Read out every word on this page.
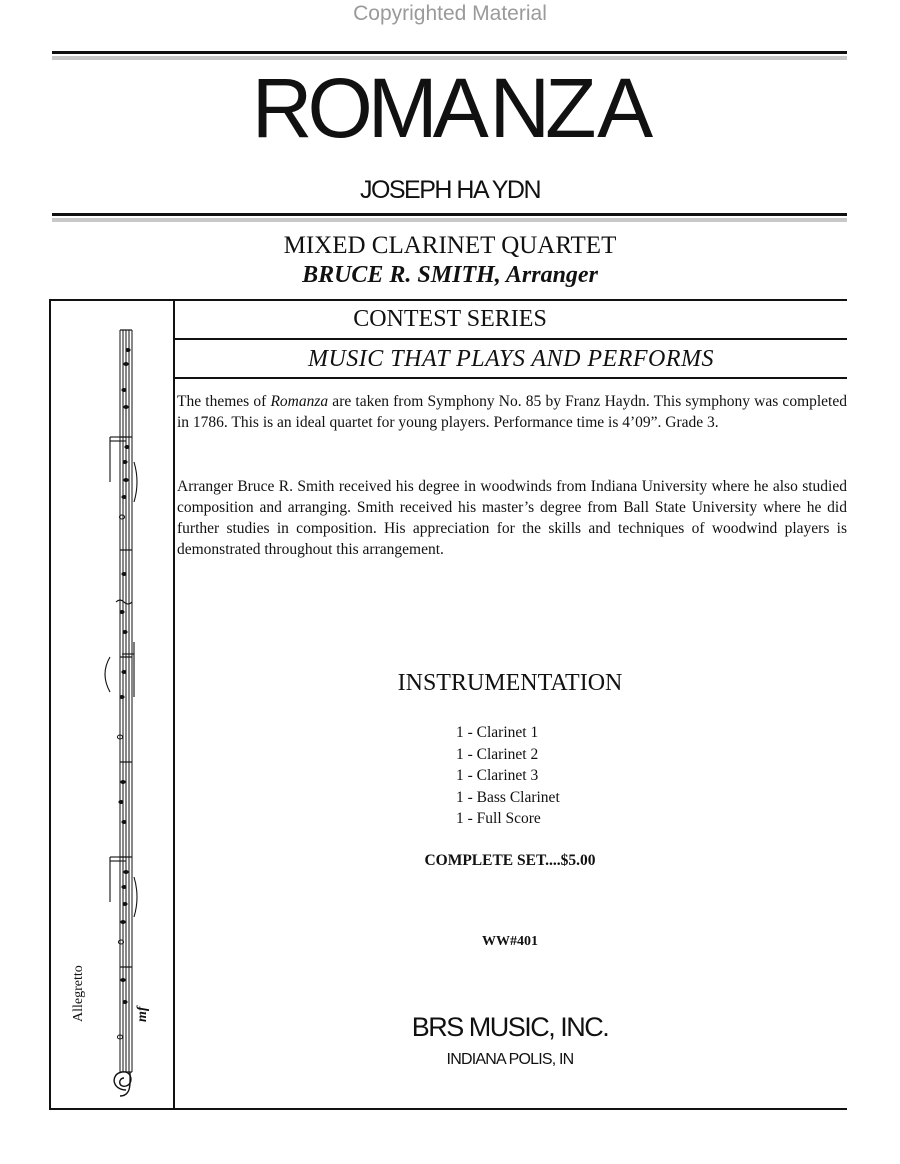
Copyrighted Material
ROMA NZ A
JOSEPH HA YDN
MIXED CLARINET QUARTET
BRUCE R. SMITH, Arranger
CONTEST SERIES
MUSIC THAT PLAYS AND PERFORMS

The themes of Romanza are taken from Symphony No. 85 by Franz Haydn. This symphony was completed in 1786. This is an ideal quartet for young players. Performance time is 4’09”. Grade 3.

Arranger Bruce R. Smith received his degree in woodwinds from Indiana University where he also studied composition and arranging. Smith received his master’s degree from Ball State University where he did further studies in composition. His appreciation for the skills and techniques of woodwind players is demonstrated throughout this arrangement.

INSTRUMENTATION
1 - Clarinet 1
1 - Clarinet 2
1 - Clarinet 3
1 - Bass Clarinet
1 - Full Score
COMPLETE SET....$5.00
WW#401
BRS MUSIC, INC.
INDIANA POLIS, IN
Allegretto	mf
